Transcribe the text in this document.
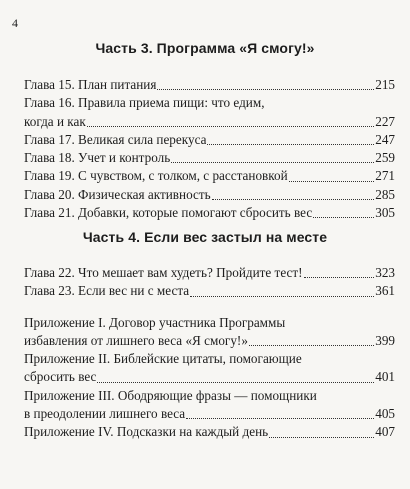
4
Часть 3. Программа «Я смогу!»
Глава 15. План питания	215
Глава 16. Правила приема пищи: что едим,
когда и как	227
Глава 17. Великая сила перекуса	247
Глава 18. Учет и контроль	259
Глава 19. С чувством, с толком, с расстановкой	271
Глава 20. Физическая активность	285
Глава 21. Добавки, которые помогают сбросить вес	305
Часть 4. Если вес застыл на месте
Глава 22. Что мешает вам худеть? Пройдите тест!	323
Глава 23. Если вес ни с места	361
Приложение I. Договор участника Программы
избавления от лишнего веса «Я смогу!»	399
Приложение II. Библейские цитаты, помогающие
сбросить вес	401
Приложение III. Ободряющие фразы — помощники
в преодолении лишнего веса	405
Приложение IV. Подсказки на каждый день	407
